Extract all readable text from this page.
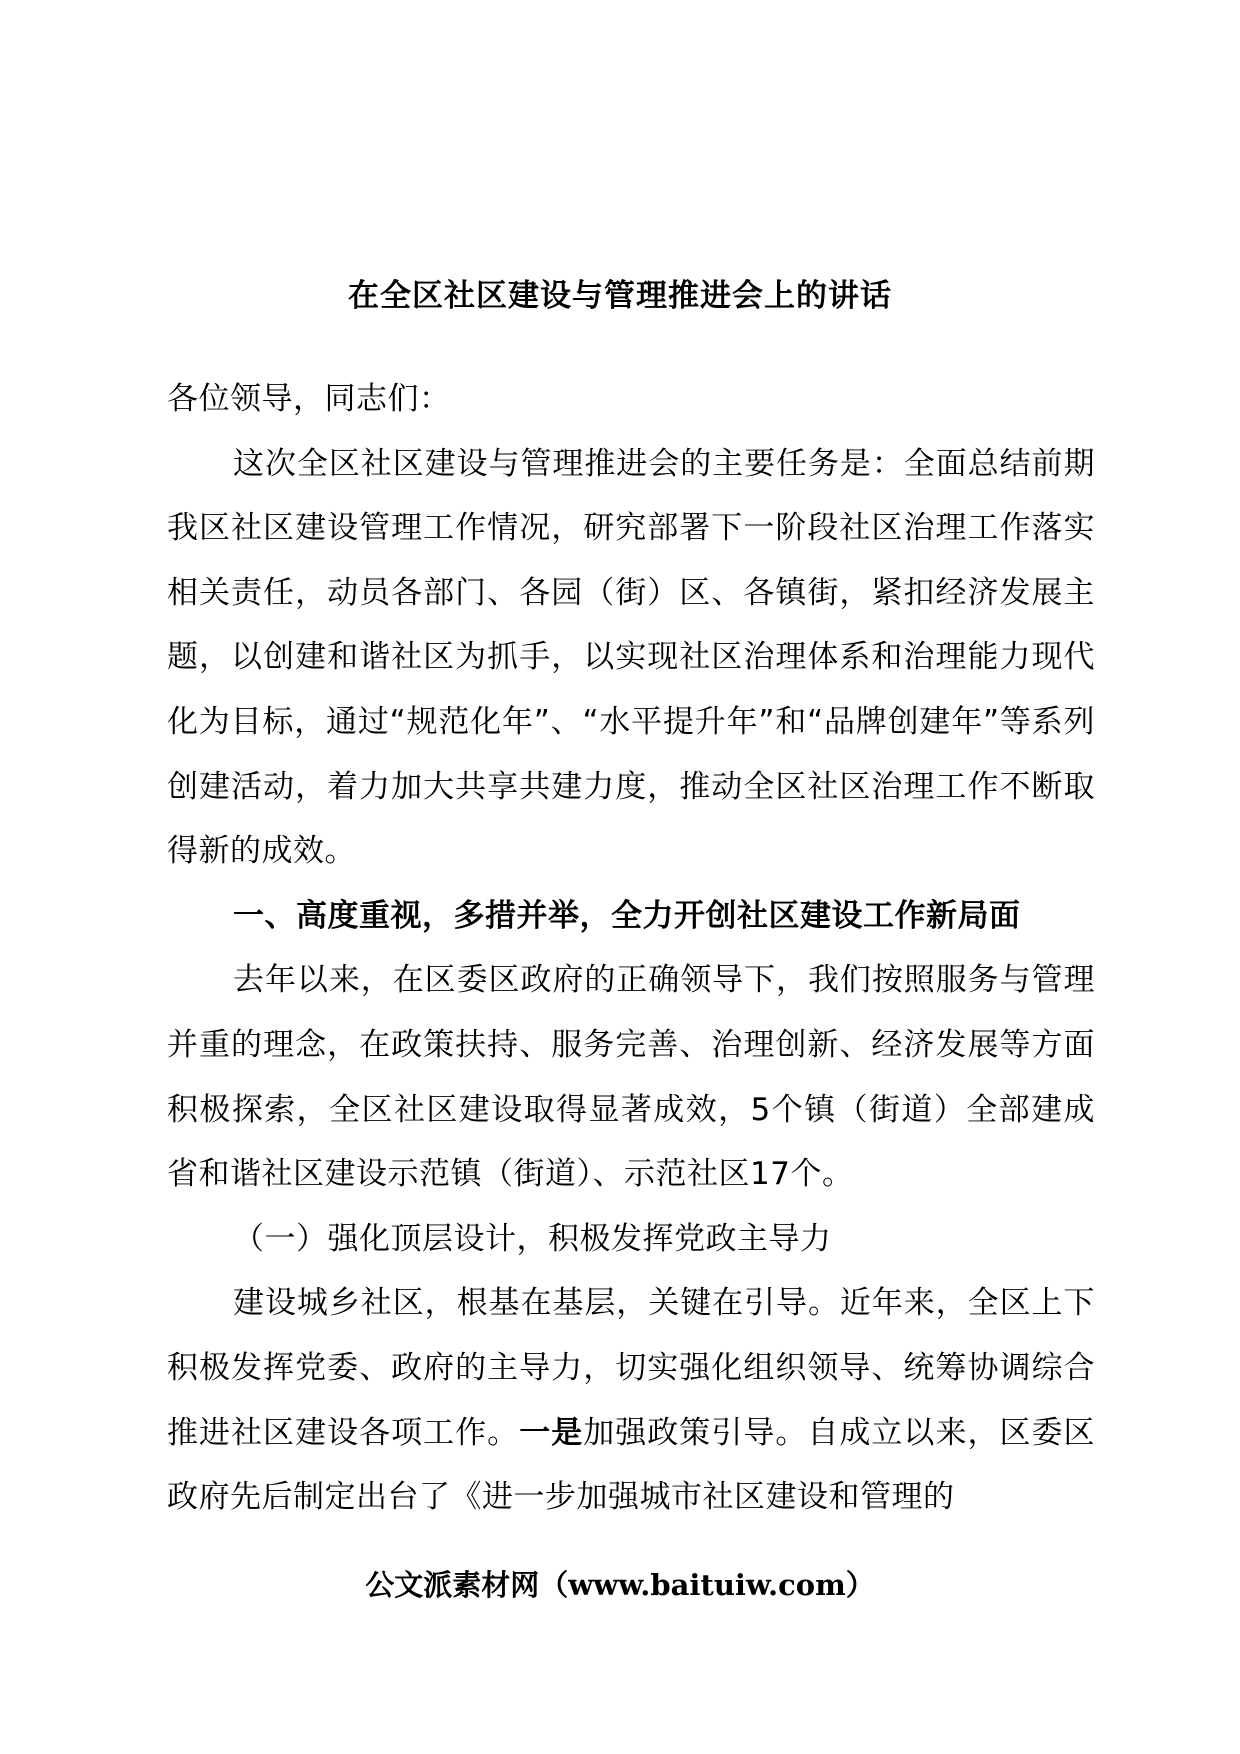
在全区社区建设与管理推进会上的讲话

各位领导，同志们：

这次全区社区建设与管理推进会的主要任务是：全面总结前期我区社区建设管理工作情况，研究部署下一阶段社区治理工作落实相关责任，动员各部门、各园（街）区、各镇街，紧扣经济发展主题，以创建和谐社区为抓手，以实现社区治理体系和治理能力现代化为目标，通过“规范化年”、“水平提升年”和“品牌创建年”等系列创建活动，着力加大共享共建力度，推动全区社区治理工作不断取得新的成效。

一、高度重视，多措并举，全力开创社区建设工作新局面

去年以来，在区委区政府的正确领导下，我们按照服务与管理并重的理念，在政策扶持、服务完善、治理创新、经济发展等方面积极探索，全区社区建设取得显著成效，5个镇（街道）全部建成省和谐社区建设示范镇（街道）、示范社区17个。

（一）强化顶层设计，积极发挥党政主导力

建设城乡社区，根基在基层，关键在引导。近年来，全区上下积极发挥党委、政府的主导力，切实强化组织领导、统筹协调综合推进社区建设各项工作。一是加强政策引导。自成立以来，区委区政府先后制定出台了《进一步加强城市社区建设和管理的

公文派素材网（www.baituiw.com）
